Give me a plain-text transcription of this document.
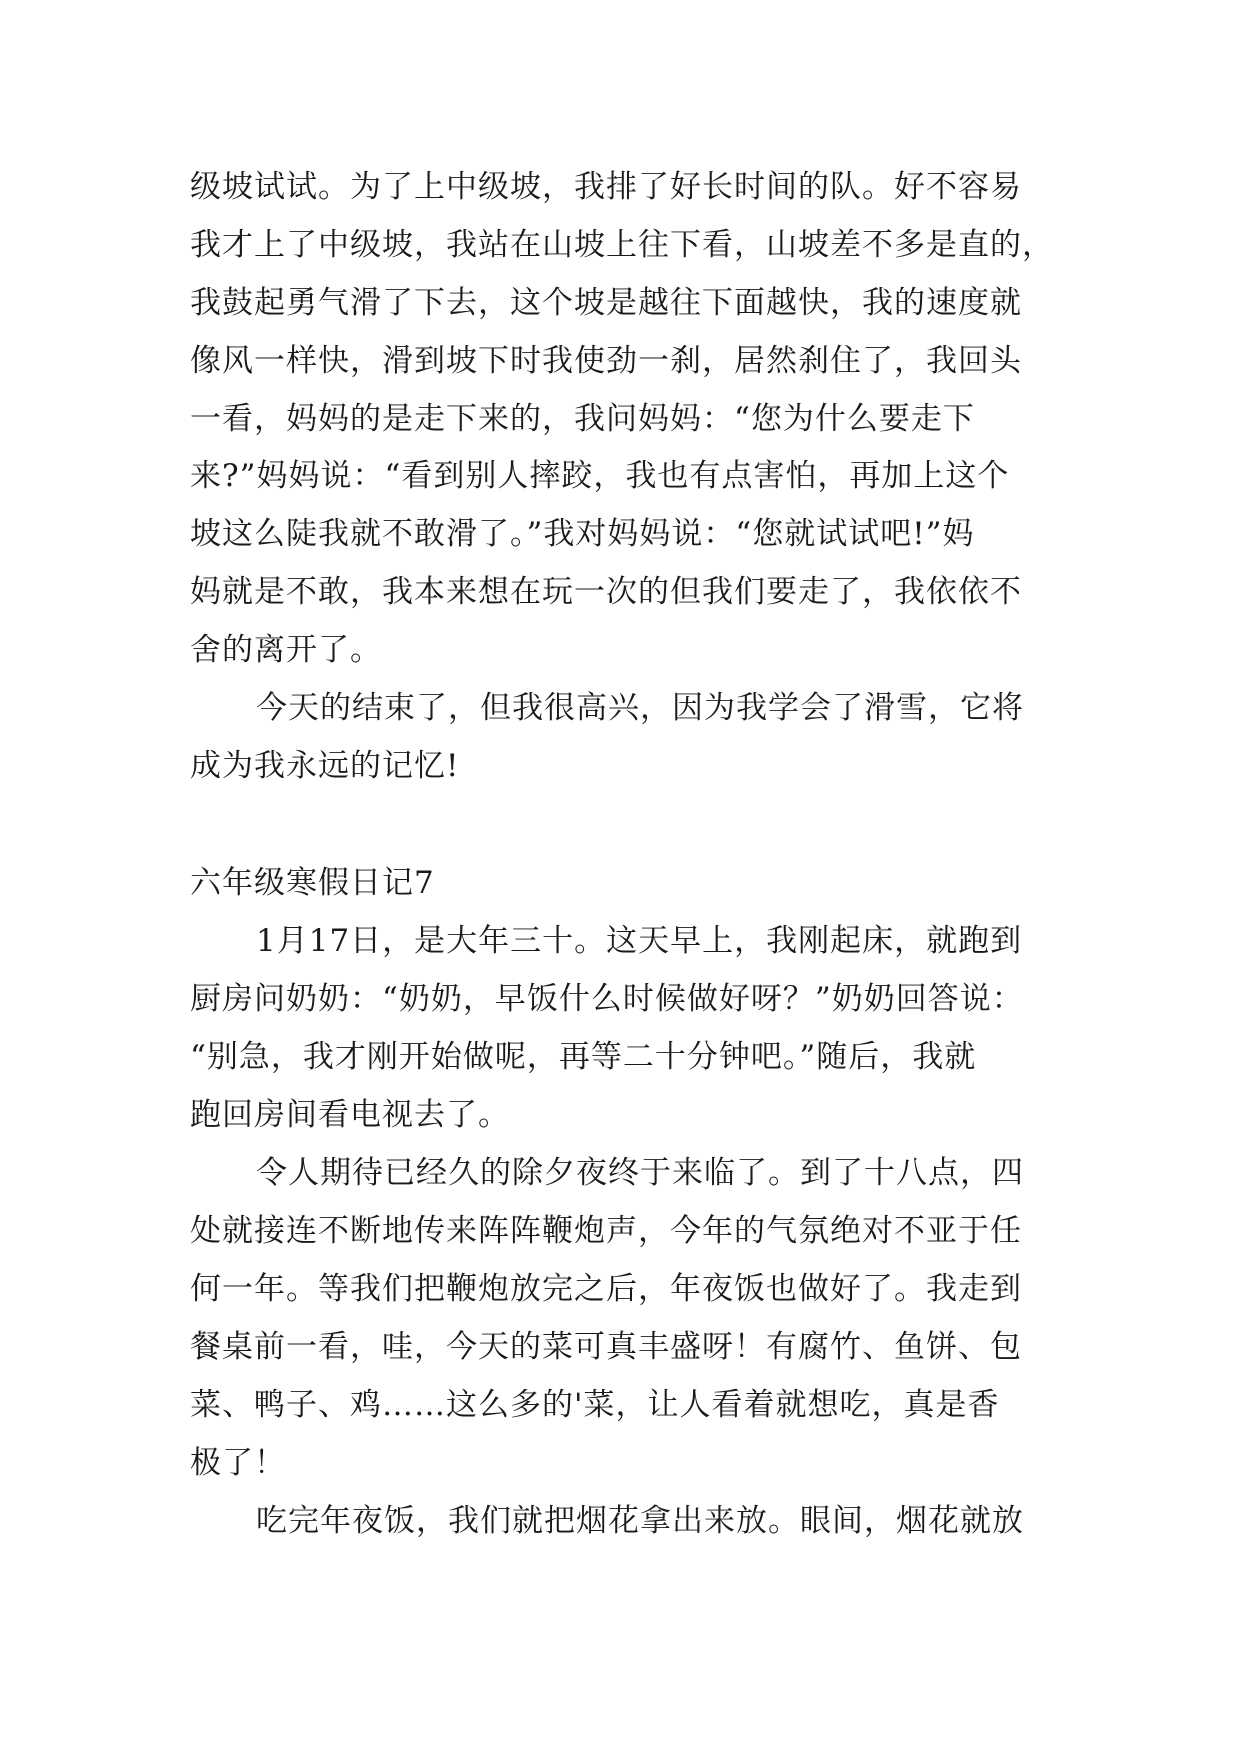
级坡试试。为了上中级坡，我排了好长时间的队。好不容易
我才上了中级坡，我站在山坡上往下看，山坡差不多是直的，
我鼓起勇气滑了下去，这个坡是越往下面越快，我的速度就
像风一样快，滑到坡下时我使劲一刹，居然刹住了，我回头
一看，妈妈的是走下来的，我问妈妈：“您为什么要走下
来?”妈妈说：“看到别人摔跤，我也有点害怕，再加上这个
坡这么陡我就不敢滑了。”我对妈妈说：“您就试试吧!”妈
妈就是不敢，我本来想在玩一次的但我们要走了，我依依不
舍的离开了。
今天的结束了，但我很高兴，因为我学会了滑雪，它将
成为我永远的记忆!
六年级寒假日记7
1月17日，是大年三十。这天早上，我刚起床，就跑到
厨房问奶奶：“奶奶，早饭什么时候做好呀？”奶奶回答说：
“别急，我才刚开始做呢，再等二十分钟吧。”随后，我就
跑回房间看电视去了。
令人期待已经久的除夕夜终于来临了。到了十八点，四
处就接连不断地传来阵阵鞭炮声，今年的气氛绝对不亚于任
何一年。等我们把鞭炮放完之后，年夜饭也做好了。我走到
餐桌前一看，哇，今天的菜可真丰盛呀！有腐竹、鱼饼、包
菜、鸭子、鸡……这么多的'菜，让人看着就想吃，真是香
极了！
吃完年夜饭，我们就把烟花拿出来放。眼间，烟花就放
